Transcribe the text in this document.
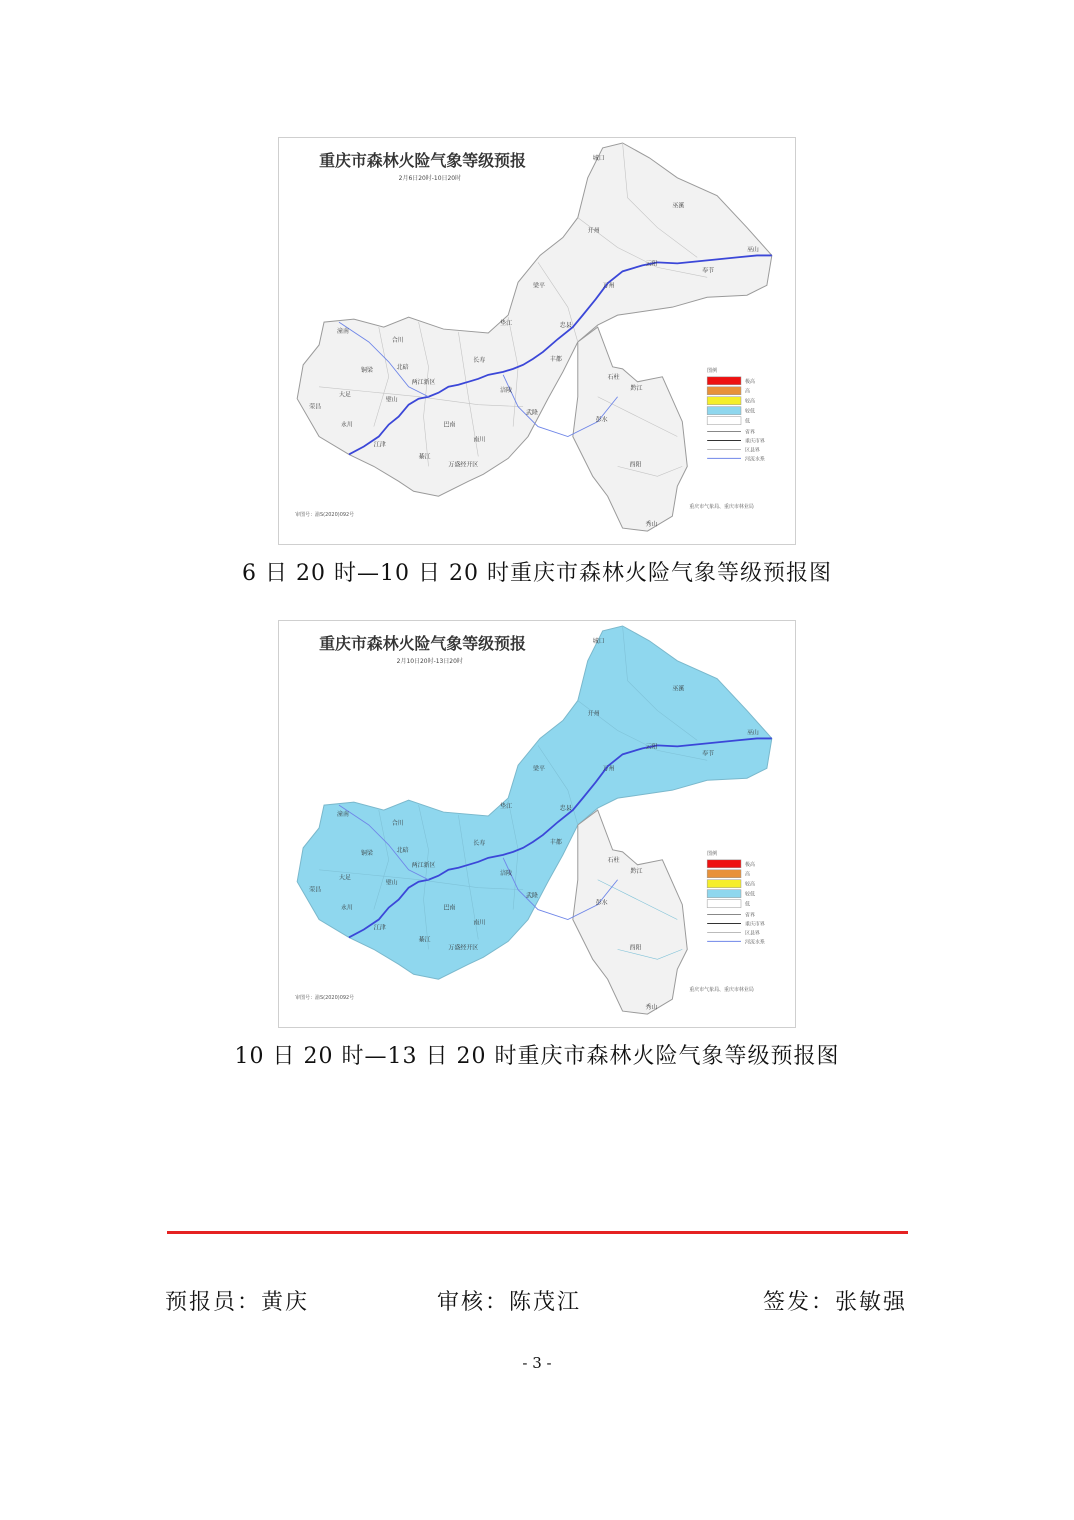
重庆市森林火险气象等级预报
2月6日20时-10日20时
城口
巫溪
开州
巫山
云阳
奉节
梁平	万州
垫江	忠县
石柱
长寿	丰都
涪陵
武隆
彭水
黔江
酉阳
秀山
合川
潼南
北碚
铜梁
大足
两江新区
璧山
荣昌
永川	巴南
江津
綦江
南川
万盛经开区
图例
极高
高
较高
较低
低
省界
重庆市界
区县界
河流水系
审图号：渝S(2020)092号
重庆市气象局、重庆市林业局
6 日 20 时—10 日 20 时重庆市森林火险气象等级预报图
重庆市森林火险气象等级预报
2月10日20时-13日20时
城口
巫溪
开州
巫山
云阳
奉节
梁平	万州
垫江	忠县
石柱
长寿	丰都
涪陵
武隆
彭水
黔江
酉阳
秀山
合川
潼南
北碚
铜梁
大足
两江新区
璧山
荣昌
永川	巴南
江津
綦江
南川
万盛经开区
图例
极高
高
较高
较低
低
省界
重庆市界
区县界
河流水系
审图号：渝S(2020)092号
重庆市气象局、重庆市林业局
10 日 20 时—13 日 20 时重庆市森林火险气象等级预报图
预报员：黄庆	审核：陈茂江	签发：张敏强
- 3 -
